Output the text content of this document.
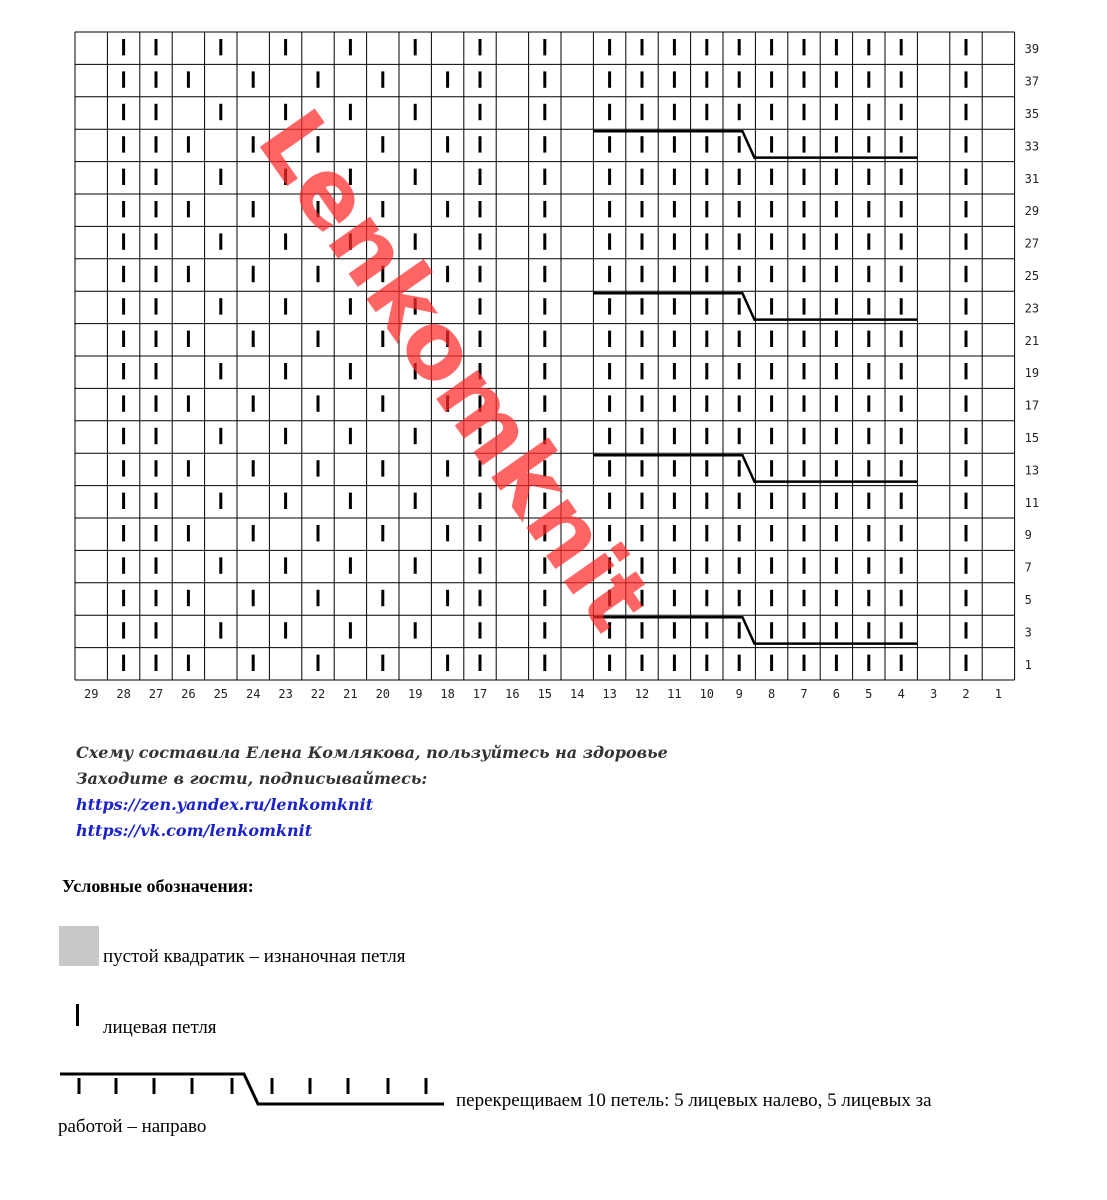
39
37
35
33
31
29
27
25
23
21
19
17
15
13
11
9
7
5
3
1
29 28 27 26 25 24 23 22 21 20 19 18 17 16 15 14 13 12 11 10 9 8 7 6 5 4 3 2 1
Lenkomknit
Схему составила Елена Комлякова, пользуйтесь на здоровье
Заходите в гости, подписывайтесь:
https://zen.yandex.ru/lenkomknit
https://vk.com/lenkomknit
Условные обозначения:
пустой квадратик – изнаночная петля
лицевая петля
перекрещиваем 10 петель: 5 лицевых налево, 5 лицевых за
работой – направо
